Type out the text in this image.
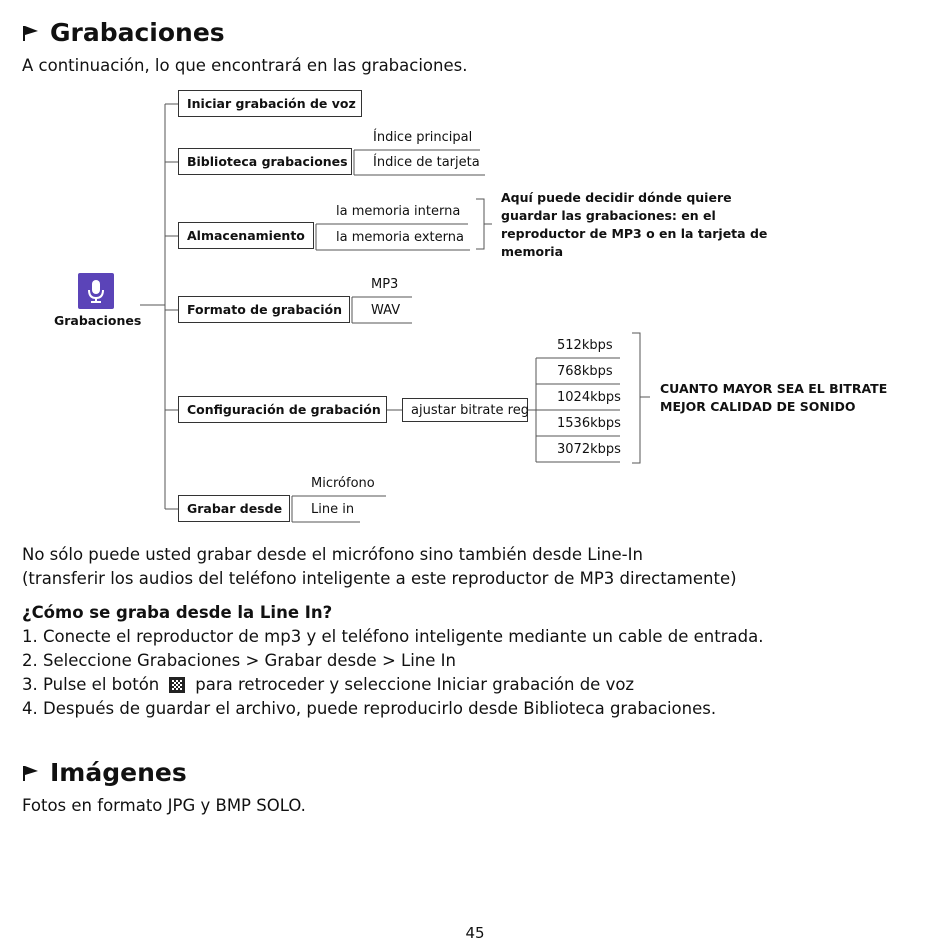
Grabaciones
A continuación, lo que encontrará en las grabaciones.
Grabaciones
Iniciar grabación de voz
Biblioteca grabaciones
Almacenamiento
Formato de grabación
Configuración de grabación
Grabar desde
Índice principal
Índice de tarjeta
la memoria interna
la memoria externa
Aquí puede decidir dónde quiere guardar las grabaciones: en el reproductor de MP3 o en la tarjeta de memoria
MP3
WAV
ajustar bitrate reg
512kbps
768kbps
1024kbps
1536kbps
3072kbps
CUANTO MAYOR SEA EL BITRATE
MEJOR CALIDAD DE SONIDO
Micrófono
Line in
No sólo puede usted grabar desde el micrófono sino también desde Line-In
(transferir los audios del teléfono inteligente a este reproductor de MP3 directamente)
¿Cómo se graba desde la Line In?
1. Conecte el reproductor de mp3 y el teléfono inteligente mediante un cable de entrada.
2. Seleccione Grabaciones > Grabar desde > Line In
3. Pulse el botón para retroceder y seleccione Iniciar grabación de voz
4. Después de guardar el archivo, puede reproducirlo desde Biblioteca grabaciones.
Imágenes
Fotos en formato JPG y BMP SOLO.
45
